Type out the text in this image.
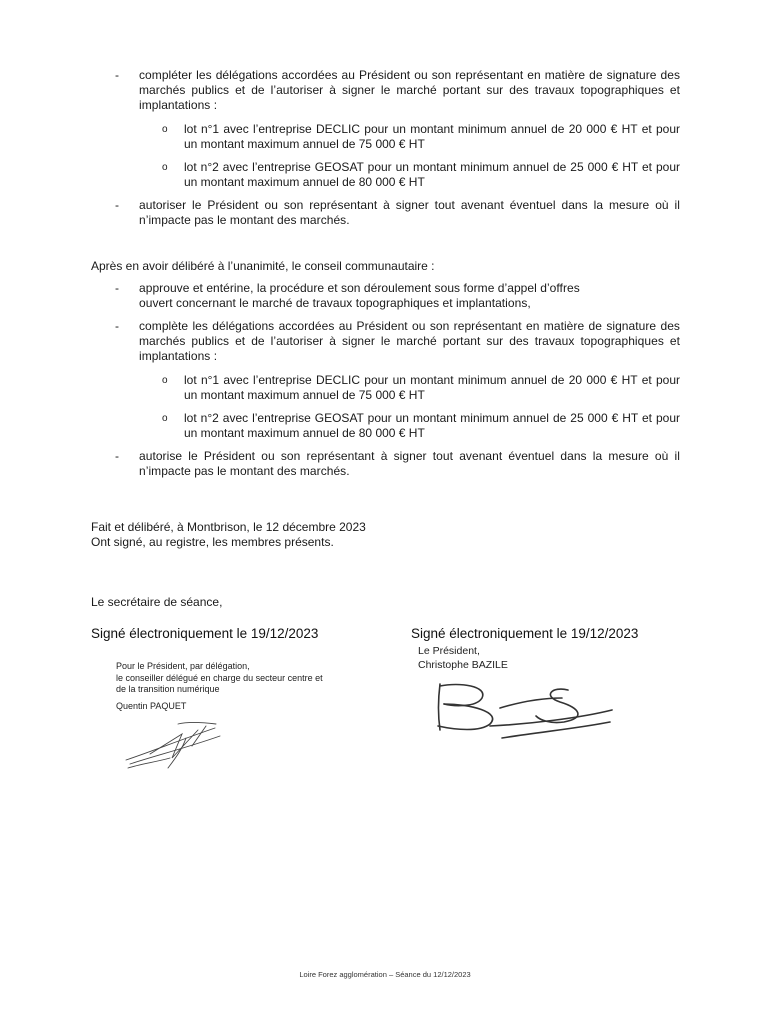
-	compléter les délégations accordées au Président ou son représentant en matière de signature des marchés publics et de l’autoriser à signer le marché portant sur des travaux topographiques et implantations :
o	lot n°1 avec l’entreprise DECLIC pour un montant minimum annuel de 20 000 € HT et pour un montant maximum annuel de 75 000 € HT
o	lot n°2 avec l’entreprise GEOSAT pour un montant minimum annuel de 25 000 € HT et pour un montant maximum annuel de 80 000 € HT
-	autoriser le Président ou son représentant à signer tout avenant éventuel dans la mesure où il n’impacte pas le montant des marchés.
Après en avoir délibéré à l’unanimité, le conseil communautaire :
-	approuve et entérine, la procédure et son déroulement sous forme d’appel d’offres
ouvert concernant le marché de travaux topographiques et implantations,
-	complète les délégations accordées au Président ou son représentant en matière de signature des marchés publics et de l’autoriser à signer le marché portant sur des travaux topographiques et implantations :
o	lot n°1 avec l’entreprise DECLIC pour un montant minimum annuel de 20 000 € HT et pour un montant maximum annuel de 75 000 € HT
o	lot n°2 avec l’entreprise GEOSAT pour un montant minimum annuel de 25 000 € HT et pour un montant maximum annuel de 80 000 € HT
-	autorise le Président ou son représentant à signer tout avenant éventuel dans la mesure où il n’impacte pas le montant des marchés.
Fait et délibéré, à Montbrison, le 12 décembre 2023
Ont signé, au registre, les membres présents.
Le secrétaire de séance,
Signé électroniquement le 19/12/2023
Pour le Président, par délégation,
le conseiller délégué en charge du secteur centre et
de la transition numérique
Quentin PAQUET
Signé électroniquement le 19/12/2023
Le Président,
Christophe BAZILE
Loire Forez agglomération – Séance du 12/12/2023
